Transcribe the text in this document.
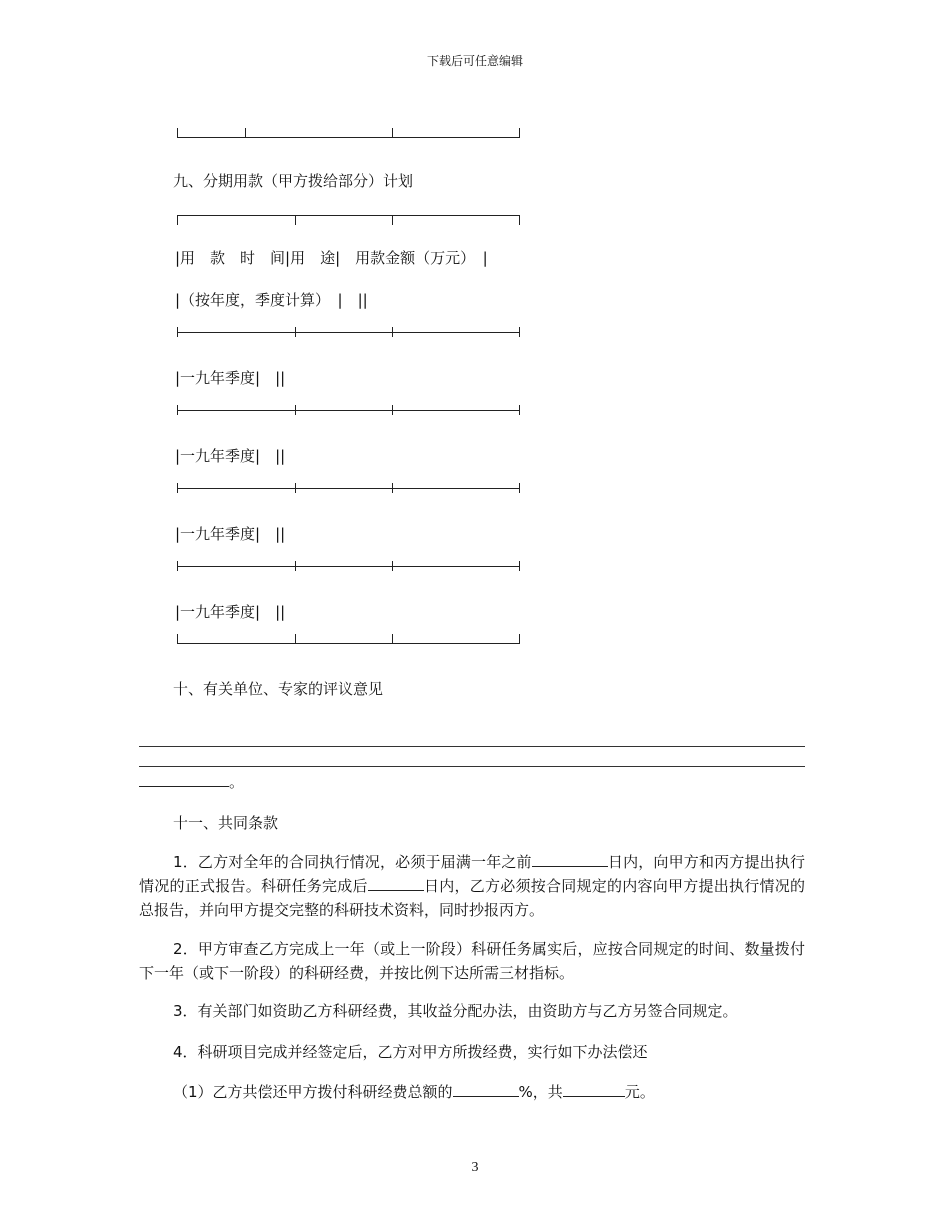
下载后可任意编辑
九、分期用款（甲方拨给部分）计划
|用　款　时　间|用　途|　用款金额（万元）　|
|（按年度，季度计算）　|　||
|一九年季度|　||
|一九年季度|　||
|一九年季度|　||
|一九年季度|　||
十、有关单位、专家的评议意见
。
十一、共同条款
1．乙方对全年的合同执行情况，必须于届满一年之前	日内，向甲方和丙方提出执行情况的正式报告。科研任务完成后	日内，乙方必须按合同规定的内容向甲方提出执行情况的总报告，并向甲方提交完整的科研技术资料，同时抄报丙方。
2．甲方审查乙方完成上一年（或上一阶段）科研任务属实后，应按合同规定的时间、数量拨付下一年（或下一阶段）的科研经费，并按比例下达所需三材指标。
3．有关部门如资助乙方科研经费，其收益分配办法，由资助方与乙方另签合同规定。
4．科研项目完成并经签定后，乙方对甲方所拨经费，实行如下办法偿还
（1）乙方共偿还甲方拨付科研经费总额的	%，共	元。
3
